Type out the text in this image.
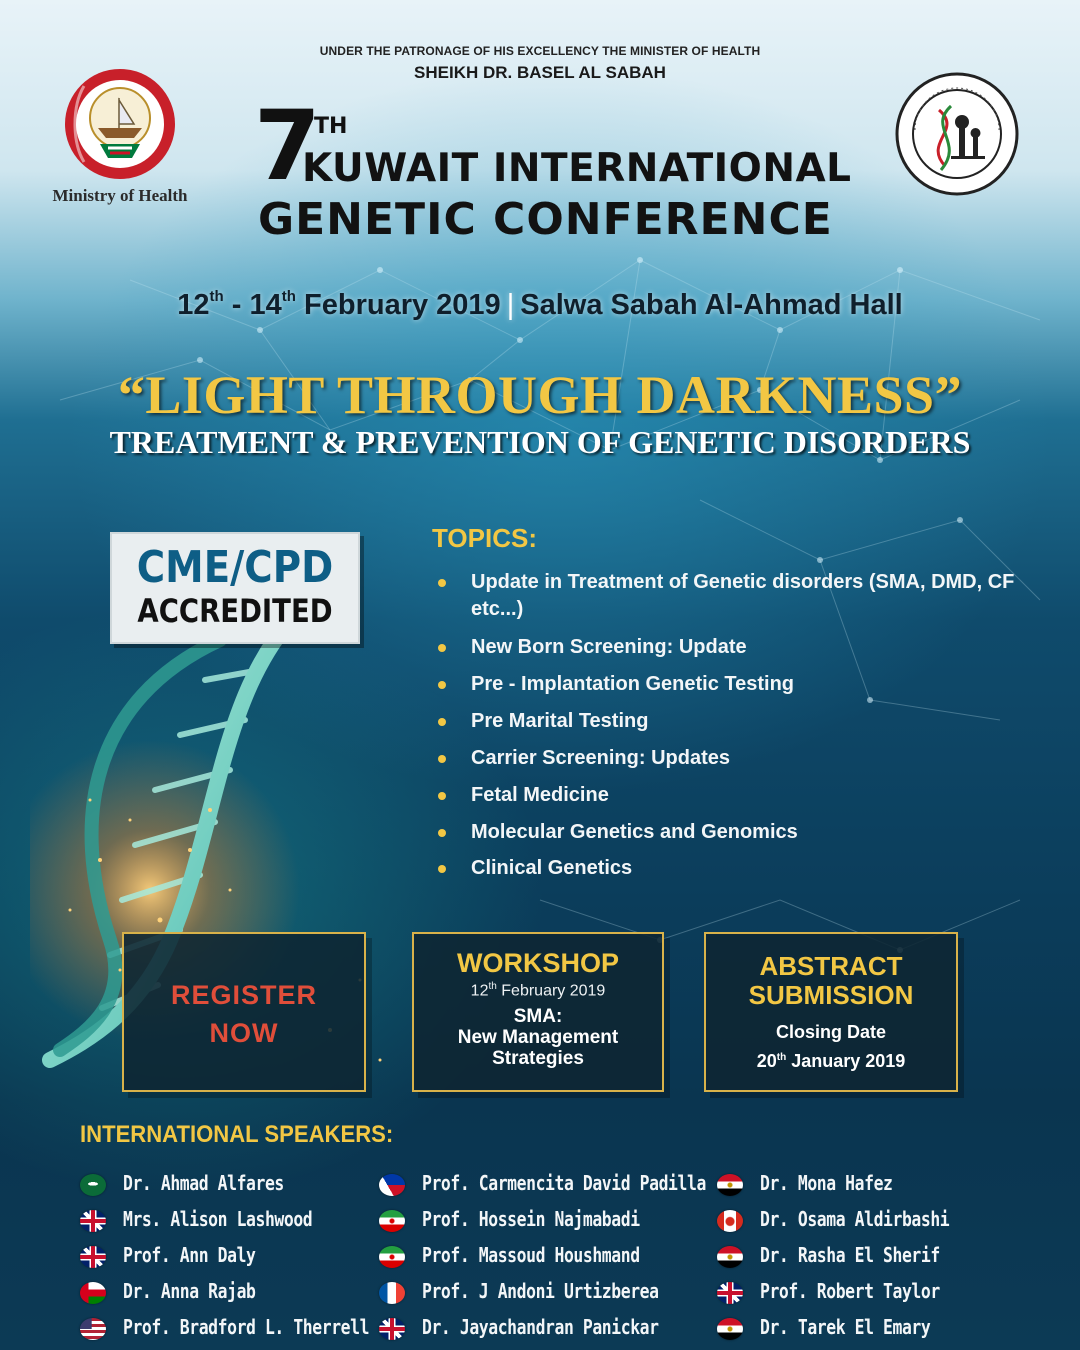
UNDER THE PATRONAGE OF HIS EXCELLENCY THE MINISTER OF HEALTH
SHEIKH DR. BASEL AL SABAH
Ministry of Health 7
TH
KUWAIT INTERNATIONAL
GENETIC CONFERENCE
12th - 14th February 2019 | Salwa Sabah Al-Ahmad Hall
“LIGHT THROUGH DARKNESS”
TREATMENT & PREVENTION OF GENETIC DISORDERS
CME/CPD
ACCREDITED
TOPICS:
Update in Treatment of Genetic disorders (SMA, DMD, CF etc...)
New Born Screening: Update
Pre - Implantation Genetic Testing
Pre Marital Testing
Carrier Screening: Updates
Fetal Medicine
Molecular Genetics and Genomics
Clinical Genetics
REGISTER
NOW
WORKSHOP
12th February 2019
SMA:
New Management
Strategies
ABSTRACT
SUBMISSION
Closing Date
20th January 2019
INTERNATIONAL SPEAKERS:
Dr. Ahmad Alfares
Mrs. Alison Lashwood
Prof. Ann Daly
Dr. Anna Rajab
Prof. Bradford L. Therrell
Prof. Carmencita David Padilla
Prof. Hossein Najmabadi
Prof. Massoud Houshmand
Prof. J Andoni Urtizberea
Dr. Jayachandran Panickar
Dr. Mona Hafez
Dr. Osama Aldirbashi
Dr. Rasha El Sherif
Prof. Robert Taylor
Dr. Tarek El Emary
